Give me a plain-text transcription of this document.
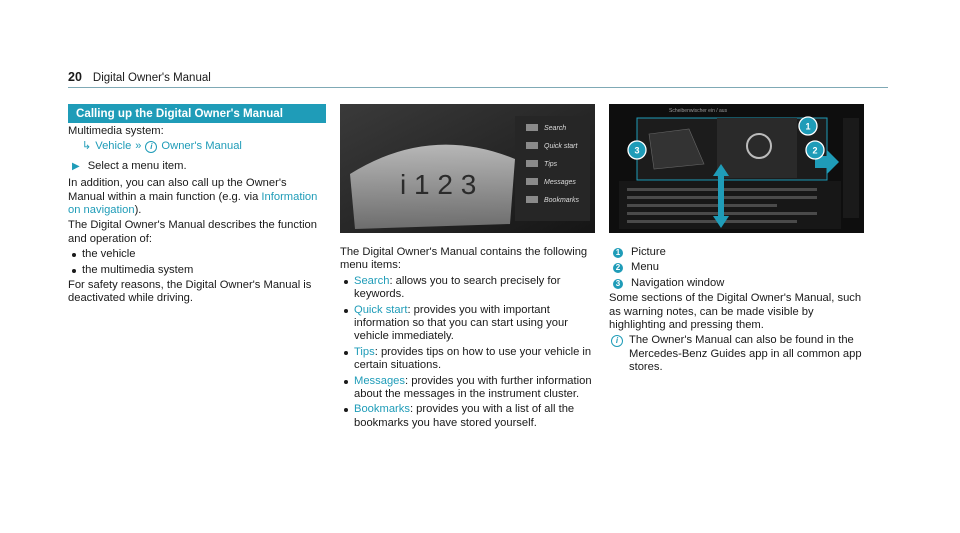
20 Digital Owner's Manual
Calling up the Digital Owner's Manual

Multimedia system:

↳ Vehicle »	i Owner's Manual
▶ Select a menu item.

In addition, you can also call up the Owner's Manual within a main function (e.g. via Information on navigation).

The Digital Owner's Manual describes the function and operation of:

the vehicle
the multimedia system

For safety reasons, the Digital Owner's Manual is deactivated while driving.

i 1 2 3
Search
Quick start
Tips
Messages
Bookmarks

The Digital Owner's Manual contains the following menu items:

Search: allows you to search precisely for keywords.
Quick start: provides you with important information so that you can start using your vehicle immediately.
Tips: provides tips on how to use your vehicle in certain situations.
Messages: provides you with further information about the messages in the instrument cluster.
Bookmarks: provides you with a list of all the bookmarks you have stored yourself.
Scheibenwischer ein / aus
1
2
3
1 Picture
2 Menu
3 Navigation window

Some sections of the Digital Owner's Manual, such as warning notes, can be made visible by highlighting and pressing them.

i The Owner's Manual can also be found in the Mercedes-Benz Guides app in all common app stores.
